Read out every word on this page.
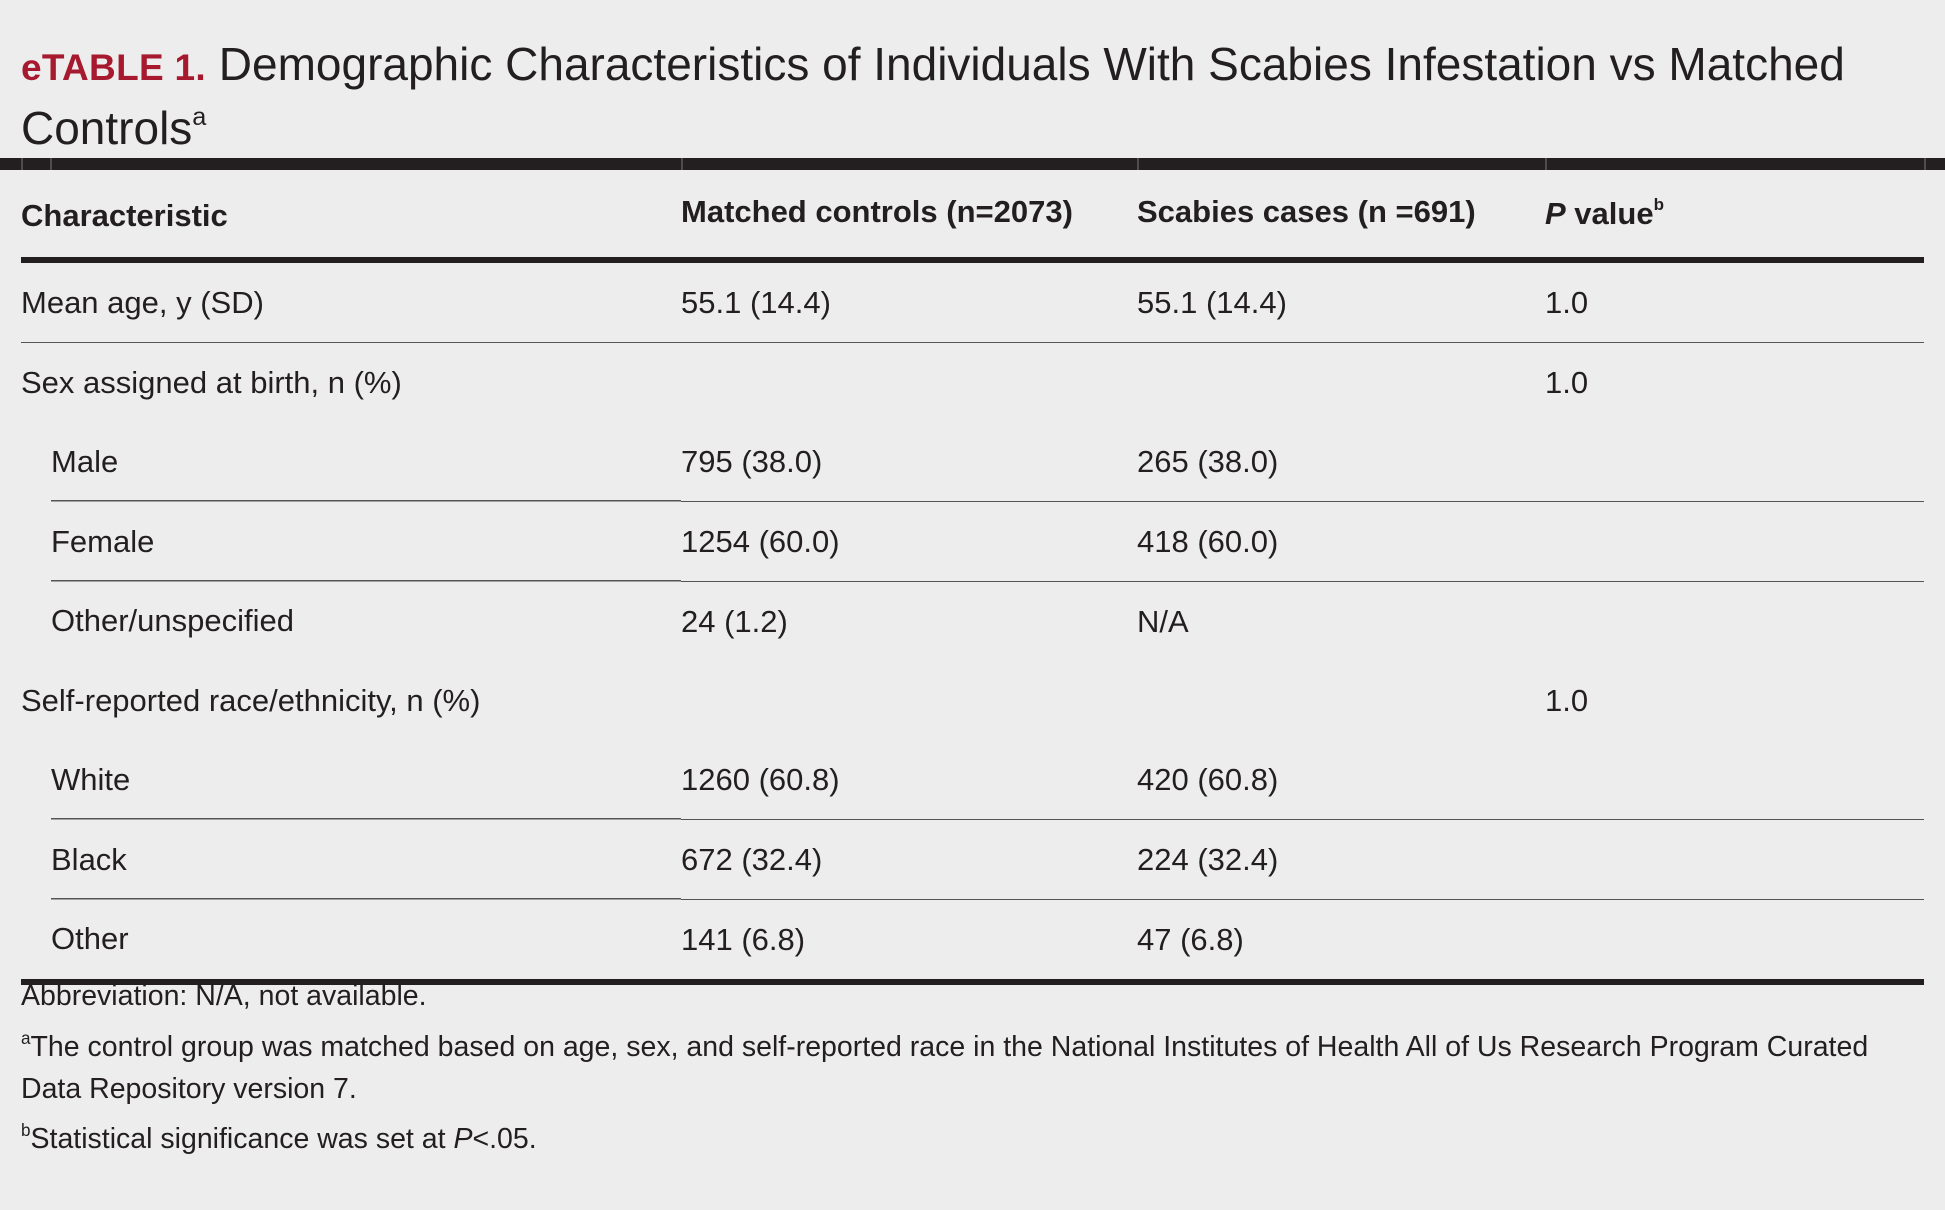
eTABLE 1. Demographic Characteristics of Individuals With Scabies Infestation vs Matched Controls$^a$
Characteristic	Matched controls (n=2073)	Scabies cases (n =691)	P value$^b$

Mean age, y (SD)	55.1 (14.4)	55.1 (14.4)	1.0

Sex assigned at birth, n (%)			1.0

Male	795 (38.0)	265 (38.0)	

Female	1254 (60.0)	418 (60.0)	

Other/unspecified	24 (1.2)	N/A	

Self-reported race/ethnicity, n (%)			1.0

White	1260 (60.8)	420 (60.8)	

Black	672 (32.4)	224 (32.4)	

Other	141 (6.8)	47 (6.8)	

Abbreviation: N/A, not available.

$^a$The control group was matched based on age, sex, and self-reported race in the National Institutes of Health All of Us Research Program Curated Data Repository version 7.

$^b$Statistical significance was set at P<.05.
